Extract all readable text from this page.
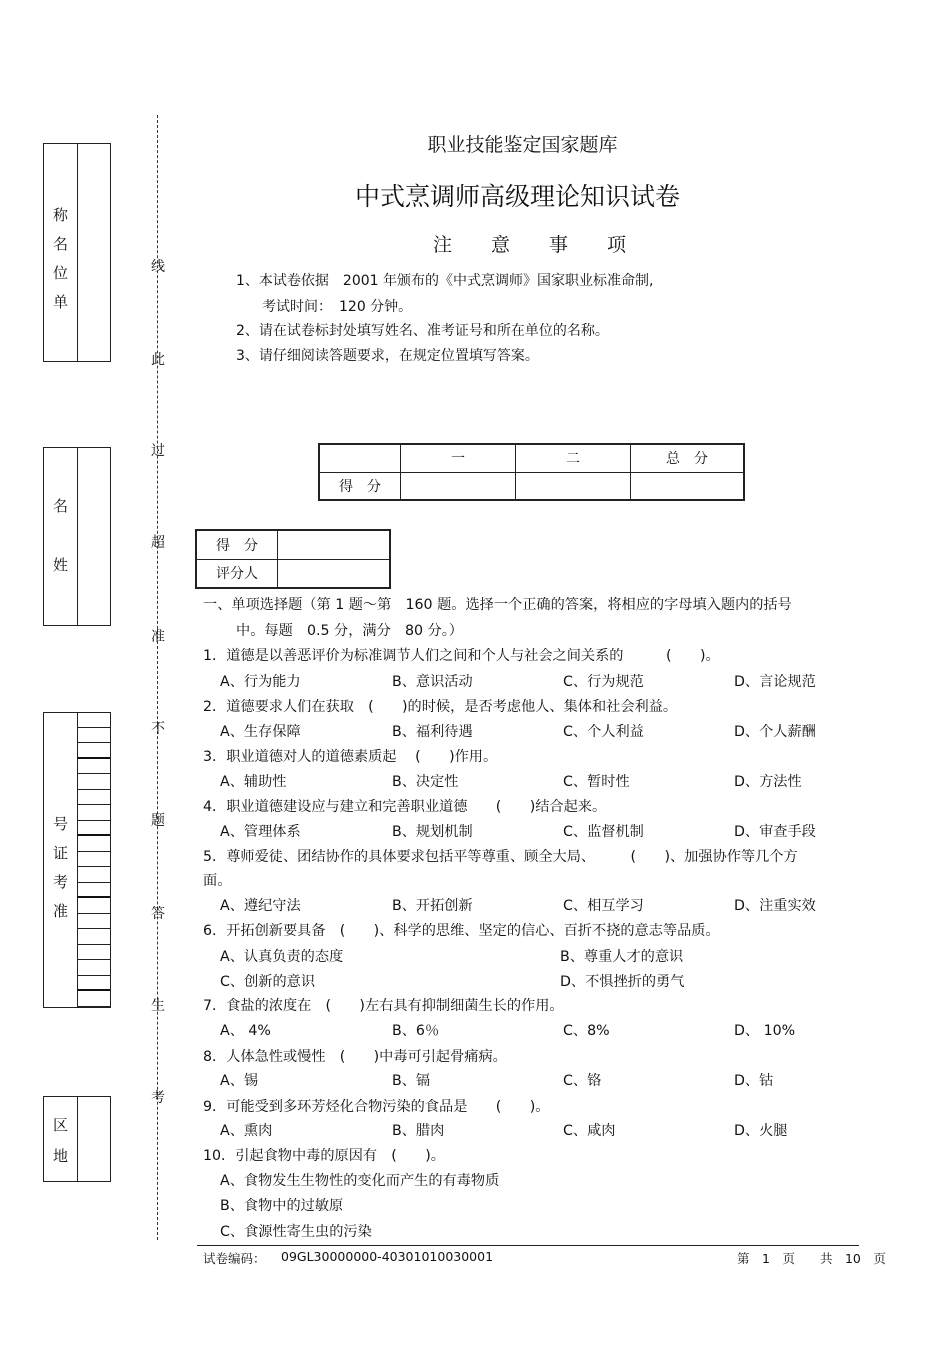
称
名
位
单
名
姓
号
证
考
准
区
地
线
此
过
超
准
不
题
答
生
考
职业技能鉴定国家题库
中式烹调师高级理论知识试卷
注 意 事 项
1、本试卷依据　2001 年颁布的《中式烹调师》国家职业标准命制,
考试时间：　120 分钟。
2、请在试卷标封处填写姓名、准考证号和所在单位的名称。
3、请仔细阅读答题要求，在规定位置填写答案。
	一	二	总　分
得　分			
得　分	
评分人	
一、单项选择题（第 1 题～第　160 题。选择一个正确的答案，将相应的字母填入题内的括号
中。每题　0.5 分，满分　80 分。）
1．道德是以善恶评价为标准调节人们之间和个人与社会之间关系的　　　(　　)。
A、行为能力	B、意识活动	C、行为规范	D、言论规范
2．道德要求人们在获取　(　　)的时候，是否考虑他人、集体和社会利益。
A、生存保障	B、福利待遇	C、个人利益	D、个人薪酬
3．职业道德对人的道德素质起　 (　　)作用。
A、辅助性	B、决定性	C、暂时性	D、方法性
4．职业道德建设应与建立和完善职业道德　　(　　)结合起来。
A、管理体系	B、规划机制	C、监督机制	D、审查手段
5．尊师爱徒、团结协作的具体要求包括平等尊重、顾全大局、　　　(　　)、加强协作等几个方
面。
A、遵纪守法	B、开拓创新	C、相互学习	D、注重实效
6．开拓创新要具备　(　　)、科学的思维、坚定的信心、百折不挠的意志等品质。
A、认真负责的态度	B、尊重人才的意识
C、创新的意识	D、不惧挫折的勇气
7．食盐的浓度在　(　　)左右具有抑制细菌生长的作用。
A、 4%	B、6％	C、8%	D、 10%
8．人体急性或慢性　(　　)中毒可引起骨痛病。
A、锡	B、镉	C、铬	D、钴
9．可能受到多环芳烃化合物污染的食品是　　(　　)。
A、熏肉	B、腊肉	C、咸肉	D、火腿
10．引起食物中毒的原因有　(　　)。
A、食物发生生物性的变化而产生的有毒物质
B、食物中的过敏原
C、食源性寄生虫的污染
试卷编码： 09GL30000000-40301010030001	第　1　页　　共　10　页
